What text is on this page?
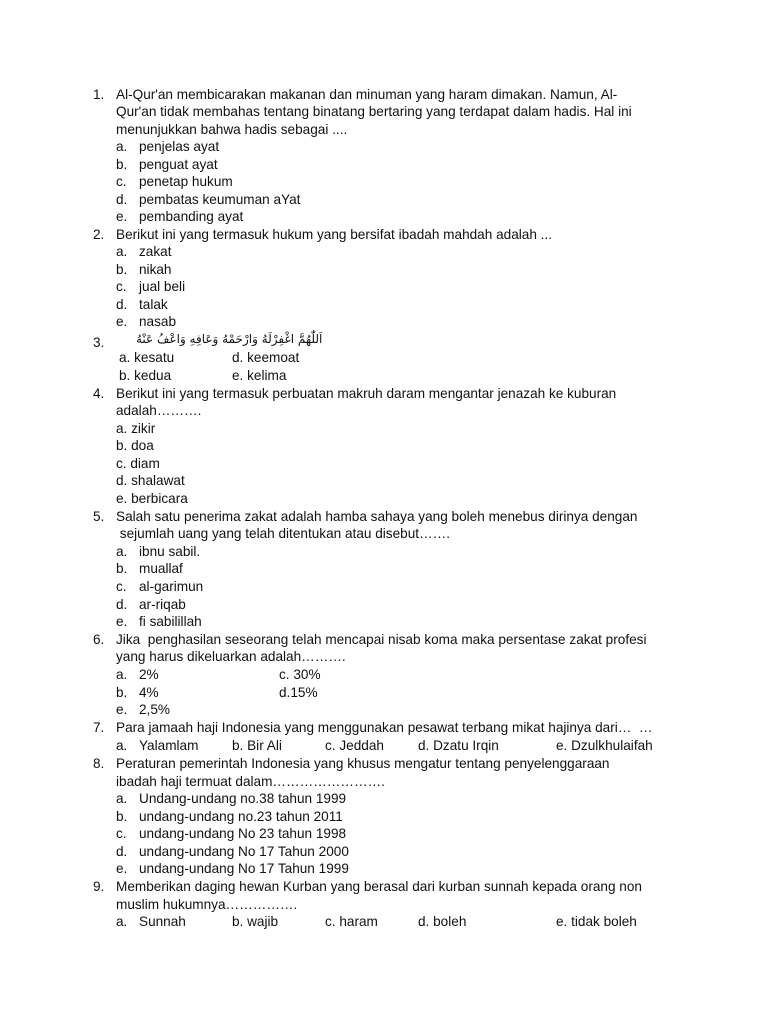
1. Al-Qur'an membicarakan makanan dan minuman yang haram dimakan. Namun, Al-
Qur'an tidak membahas tentang binatang bertaring yang terdapat dalam hadis. Hal ini
menunjukkan bahwa hadis sebagai ....
a. penjelas ayat
b. penguat ayat
c. penetap hukum
d. pembatas keumuman aYat
e. pembanding ayat
2. Berikut ini yang termasuk hukum yang bersifat ibadah mahdah adalah ...
a. zakat
b. nikah
c. jual beli
d. talak
e. nasab
3.	اَللّٰهُمَّ اغْفِرْلَهُ وَارْحَمْهُ وَعَافِهِ وَاعْفُ عَنْهُ
a. kesatu	d. keemoat
b. kedua	e. kelima
4. Berikut ini yang termasuk perbuatan makruh daram mengantar jenazah ke kuburan
adalah……….
a. zikir
b. doa
c. diam
d. shalawat
e. berbicara
5. Salah satu penerima zakat adalah hamba sahaya yang boleh menebus dirinya dengan
sejumlah uang yang telah ditentukan atau disebut…….
a. ibnu sabil.
b. muallaf
c. al-garimun
d. ar-riqab
e. fi sabilillah
6. Jika  penghasilan seseorang telah mencapai nisab koma maka persentase zakat profesi
yang harus dikeluarkan adalah……….
a. 2%	c. 30%
b. 4%	d.15%
e. 2,5%
7. Para jamaah haji Indonesia yang menggunakan pesawat terbang mikat hajinya dari…  …
a. Yalamlam b. Bir Ali	c. Jeddah	d. Dzatu Irqin	e. Dzulkhulaifah
8. Peraturan pemerintah Indonesia yang khusus mengatur tentang penyelenggaraan
ibadah haji termuat dalam…………………….
a. Undang-undang no.38 tahun 1999
b. undang-undang no.23 tahun 2011
c. undang-undang No 23 tahun 1998
d. undang-undang No 17 Tahun 2000
e. undang-undang No 17 Tahun 1999
9. Memberikan daging hewan Kurban yang berasal dari kurban sunnah kepada orang non
muslim hukumnya…………….
a. Sunnah	b. wajib	c. haram	d. boleh	e. tidak boleh
